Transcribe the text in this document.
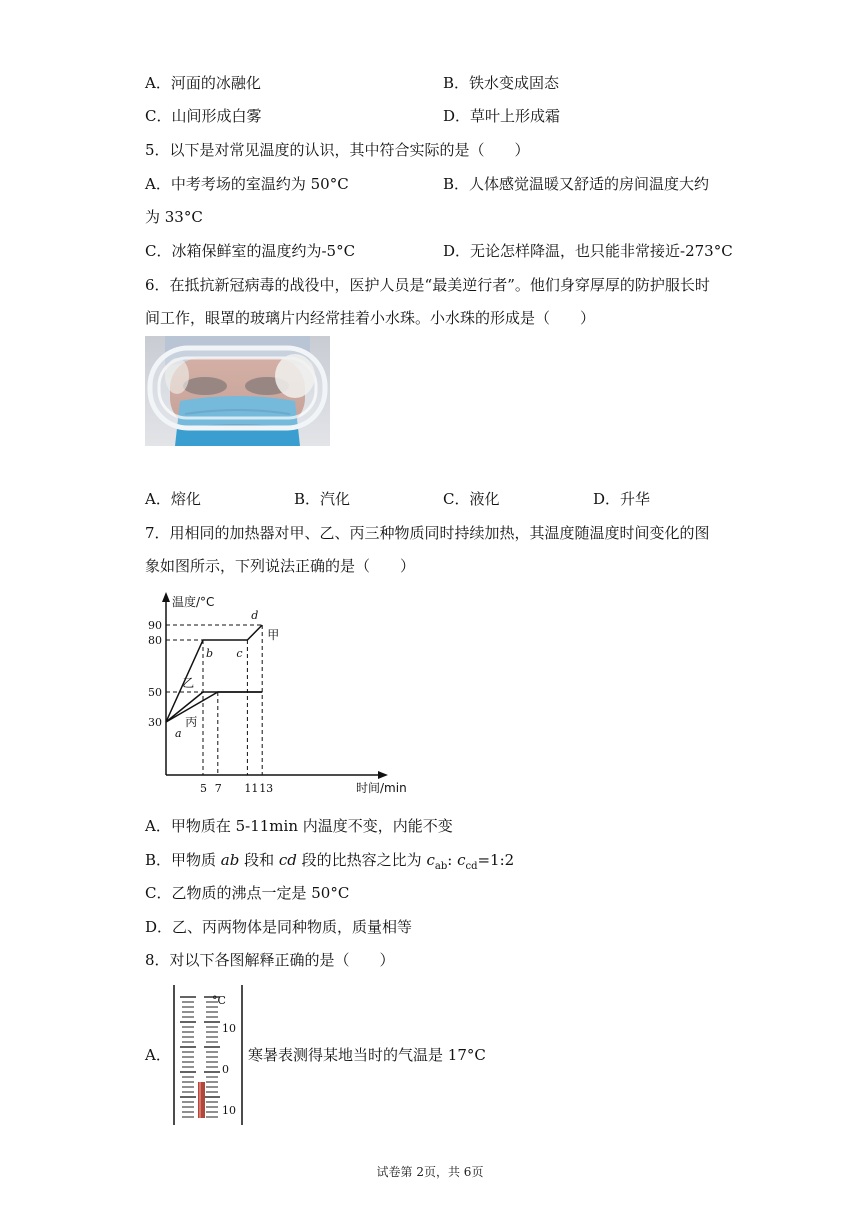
A．河面的冰融化	B．铁水变成固态
C．山间形成白雾	D．草叶上形成霜
5．以下是对常见温度的认识，其中符合实际的是（　　）
A．中考考场的室温约为 50°C	B．人体感觉温暖又舒适的房间温度大约
为 33°C
C．冰箱保鲜室的温度约为-5°C	D．无论怎样降温，也只能非常接近-273°C
6．在抵抗新冠病毒的战役中，医护人员是“最美逆行者”。他们身穿厚厚的防护服长时
间工作，眼罩的玻璃片内经常挂着小水珠。小水珠的形成是（　　）
A．熔化	B．汽化	C．液化	D．升华
7．用相同的加热器对甲、乙、丙三种物质同时持续加热，其温度随温度时间变化的图
象如图所示，下列说法正确的是（　　）
温度/°C
时间/min
5 7 11 13
30
50
80
90
甲
乙
丙
a
b c
d
A．甲物质在 5-11min 内温度不变，内能不变
B．甲物质 ab 段和 cd 段的比热容之比为 $c_{ab}$: $c_{cd}=1:2$
C．乙物质的沸点一定是 50°C
D．乙、丙两物体是同种物质，质量相等
8．对以下各图解释正确的是（　　）
A．
°C
10
0
10
寒暑表测得某地当时的气温是 17°C
试卷第 2页，共 6页
